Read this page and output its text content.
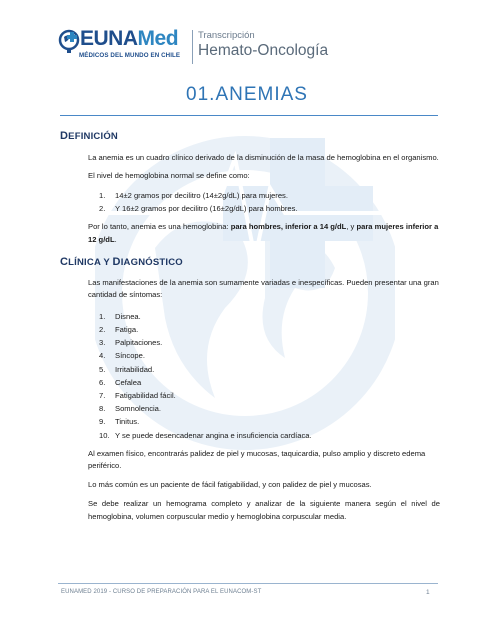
EUNAMed
MÉDICOS DEL MUNDO EN CHILE
Transcripción
Hemato-Oncología
01.ANEMIAS
DEFINICIÓN

La anemia es un cuadro clínico derivado de la disminución de la masa de hemoglobina en el organismo.

El nivel de hemoglobina normal se define como:

1. 14±2 gramos por decilitro (14±2g/dL) para mujeres.
2. Y 16±2 gramos por decilitro (16±2g/dL) para hombres.

Por lo tanto, anemia es una hemoglobina: para hombres, inferior a 14 g/dL, y para mujeres inferior a 12 g/dL.

CLÍNICA Y DIAGNÓSTICO

Las manifestaciones de la anemia son sumamente variadas e inespecíficas. Pueden presentar una gran cantidad de síntomas:

1. Disnea.
2. Fatiga.
3. Palpitaciones.
4. Síncope.
5. Irritabilidad.
6. Cefalea
7. Fatigabilidad fácil.
8. Somnolencia.
9. Tinitus.
10. Y se puede desencadenar angina e insuficiencia cardíaca.

Al examen físico, encontrarás palidez de piel y mucosas, taquicardia, pulso amplio y discreto edema periférico.

Lo más común es un paciente de fácil fatigabilidad, y con palidez de piel y mucosas.

Se debe realizar un hemograma completo y analizar de la siguiente manera según el nivel de hemoglobina, volumen corpuscular medio y hemoglobina corpuscular media.

EUNAMED 2019 - CURSO DE PREPARACIÓN PARA EL EUNACOM-ST	1
